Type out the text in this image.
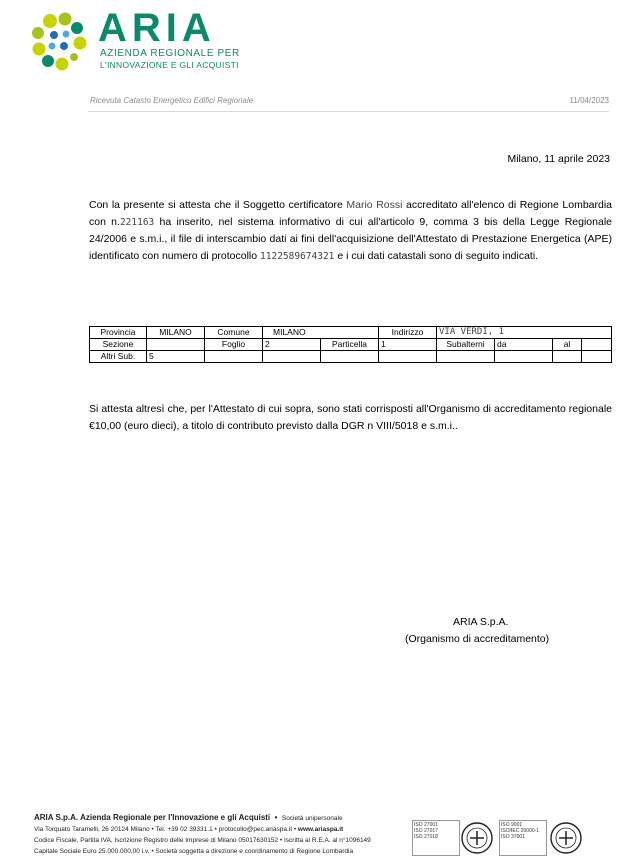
ARIA
AZIENDA REGIONALE PER
L'INNOVAZIONE E GLI ACQUISTI
Ricevuta Catasto Energetico Edifici Regionale	11/04/2023
Milano, 11 aprile 2023
Con la presente si attesta che il Soggetto certificatore Mario Rossi accreditato all'elenco di Regione Lombardia con n.221163 ha inserito, nel sistema informativo di cui all'articolo 9, comma 3 bis della Legge Regionale 24/2006 e s.m.i., il file di interscambio dati ai fini dell'acquisizione dell'Attestato di Prestazione Energetica (APE) identificato con numero di protocollo 1122589674321 e i cui dati catastali sono di seguito indicati.
Provincia	MILANO	Comune	MILANO		Indirizzo	VIA VERDI, 1			
Sezione		Foglio	2	Particella	1	Subalterni	da	al	
Altri Sub.	5								
Si attesta altresì che, per l'Attestato di cui sopra, sono stati corrisposti all'Organismo di accreditamento regionale €10,00 (euro dieci), a titolo di contributo previsto dalla DGR n VIII/5018 e s.m.i..
ARIA S.p.A.
(Organismo di accreditamento)
ARIA S.p.A. Azienda Regionale per l'Innovazione e gli Acquisti  •  Società unipersonale
Via Torquato Taramelli, 26 20124 Milano • Tel. +39 02 39331.1 • protocollo@pec.ariaspa.it • www.ariaspa.it
Codice Fiscale, Partita IVA, Iscrizione Registro delle Imprese di Milano 05017630152 • Iscritta al R.E.A. al n°1096149
Capitale Sociale Euro 25.000.000,00 i.v. • Società soggetta a direzione e coordinamento di Regione Lombardia
ISO 27001
ISO 27017
ISO 27018
ISO 9001
ISO/IEC 20000-1
ISO 37001
